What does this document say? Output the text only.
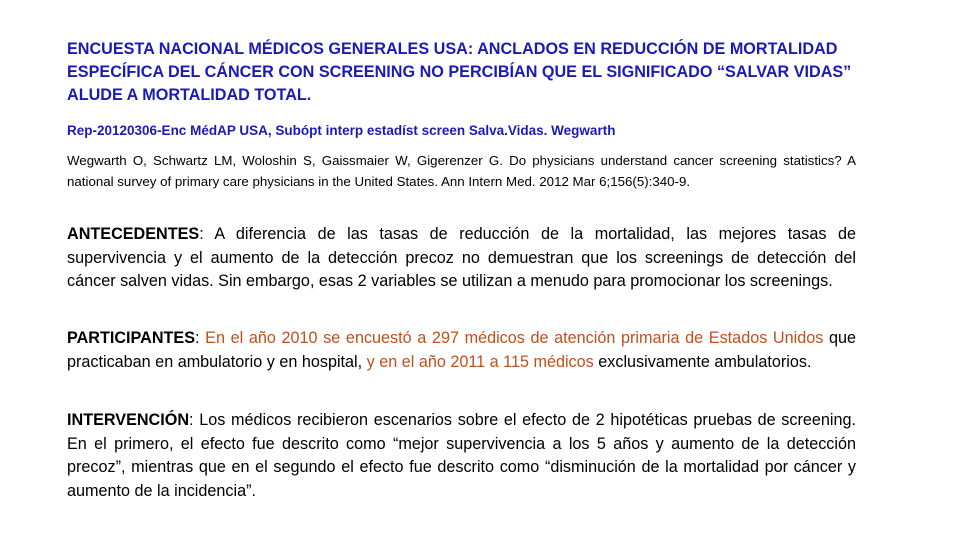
ENCUESTA NACIONAL MÉDICOS GENERALES USA: ANCLADOS EN REDUCCIÓN DE MORTALIDAD ESPECÍFICA DEL CÁNCER CON SCREENING NO PERCIBÍAN QUE EL SIGNIFICADO “SALVAR VIDAS” ALUDE A MORTALIDAD TOTAL.

Rep-20120306-Enc MédAP USA, Subópt interp estadíst screen Salva.Vidas. Wegwarth

Wegwarth O, Schwartz LM, Woloshin S, Gaissmaier W, Gigerenzer G. Do physicians understand cancer screening statistics? A national survey of primary care physicians in the United States. Ann Intern Med. 2012 Mar 6;156(5):340-9.

ANTECEDENTES: A diferencia de las tasas de reducción de la mortalidad, las mejores tasas de supervivencia y el aumento de la detección precoz no demuestran que los screenings de detección del cáncer salven vidas. Sin embargo, esas 2 variables se utilizan a menudo para promocionar los screenings.

PARTICIPANTES: En el año 2010 se encuestó a 297 médicos de atención primaria de Estados Unidos que practicaban en ambulatorio y en hospital, y en el año 2011 a 115 médicos exclusivamente ambulatorios.

INTERVENCIÓN: Los médicos recibieron escenarios sobre el efecto de 2 hipotéticas pruebas de screening. En el primero, el efecto fue descrito como “mejor supervivencia a los 5 años y aumento de la detección precoz”, mientras que en el segundo el efecto fue descrito como “disminución de la mortalidad por cáncer y aumento de la incidencia”.
